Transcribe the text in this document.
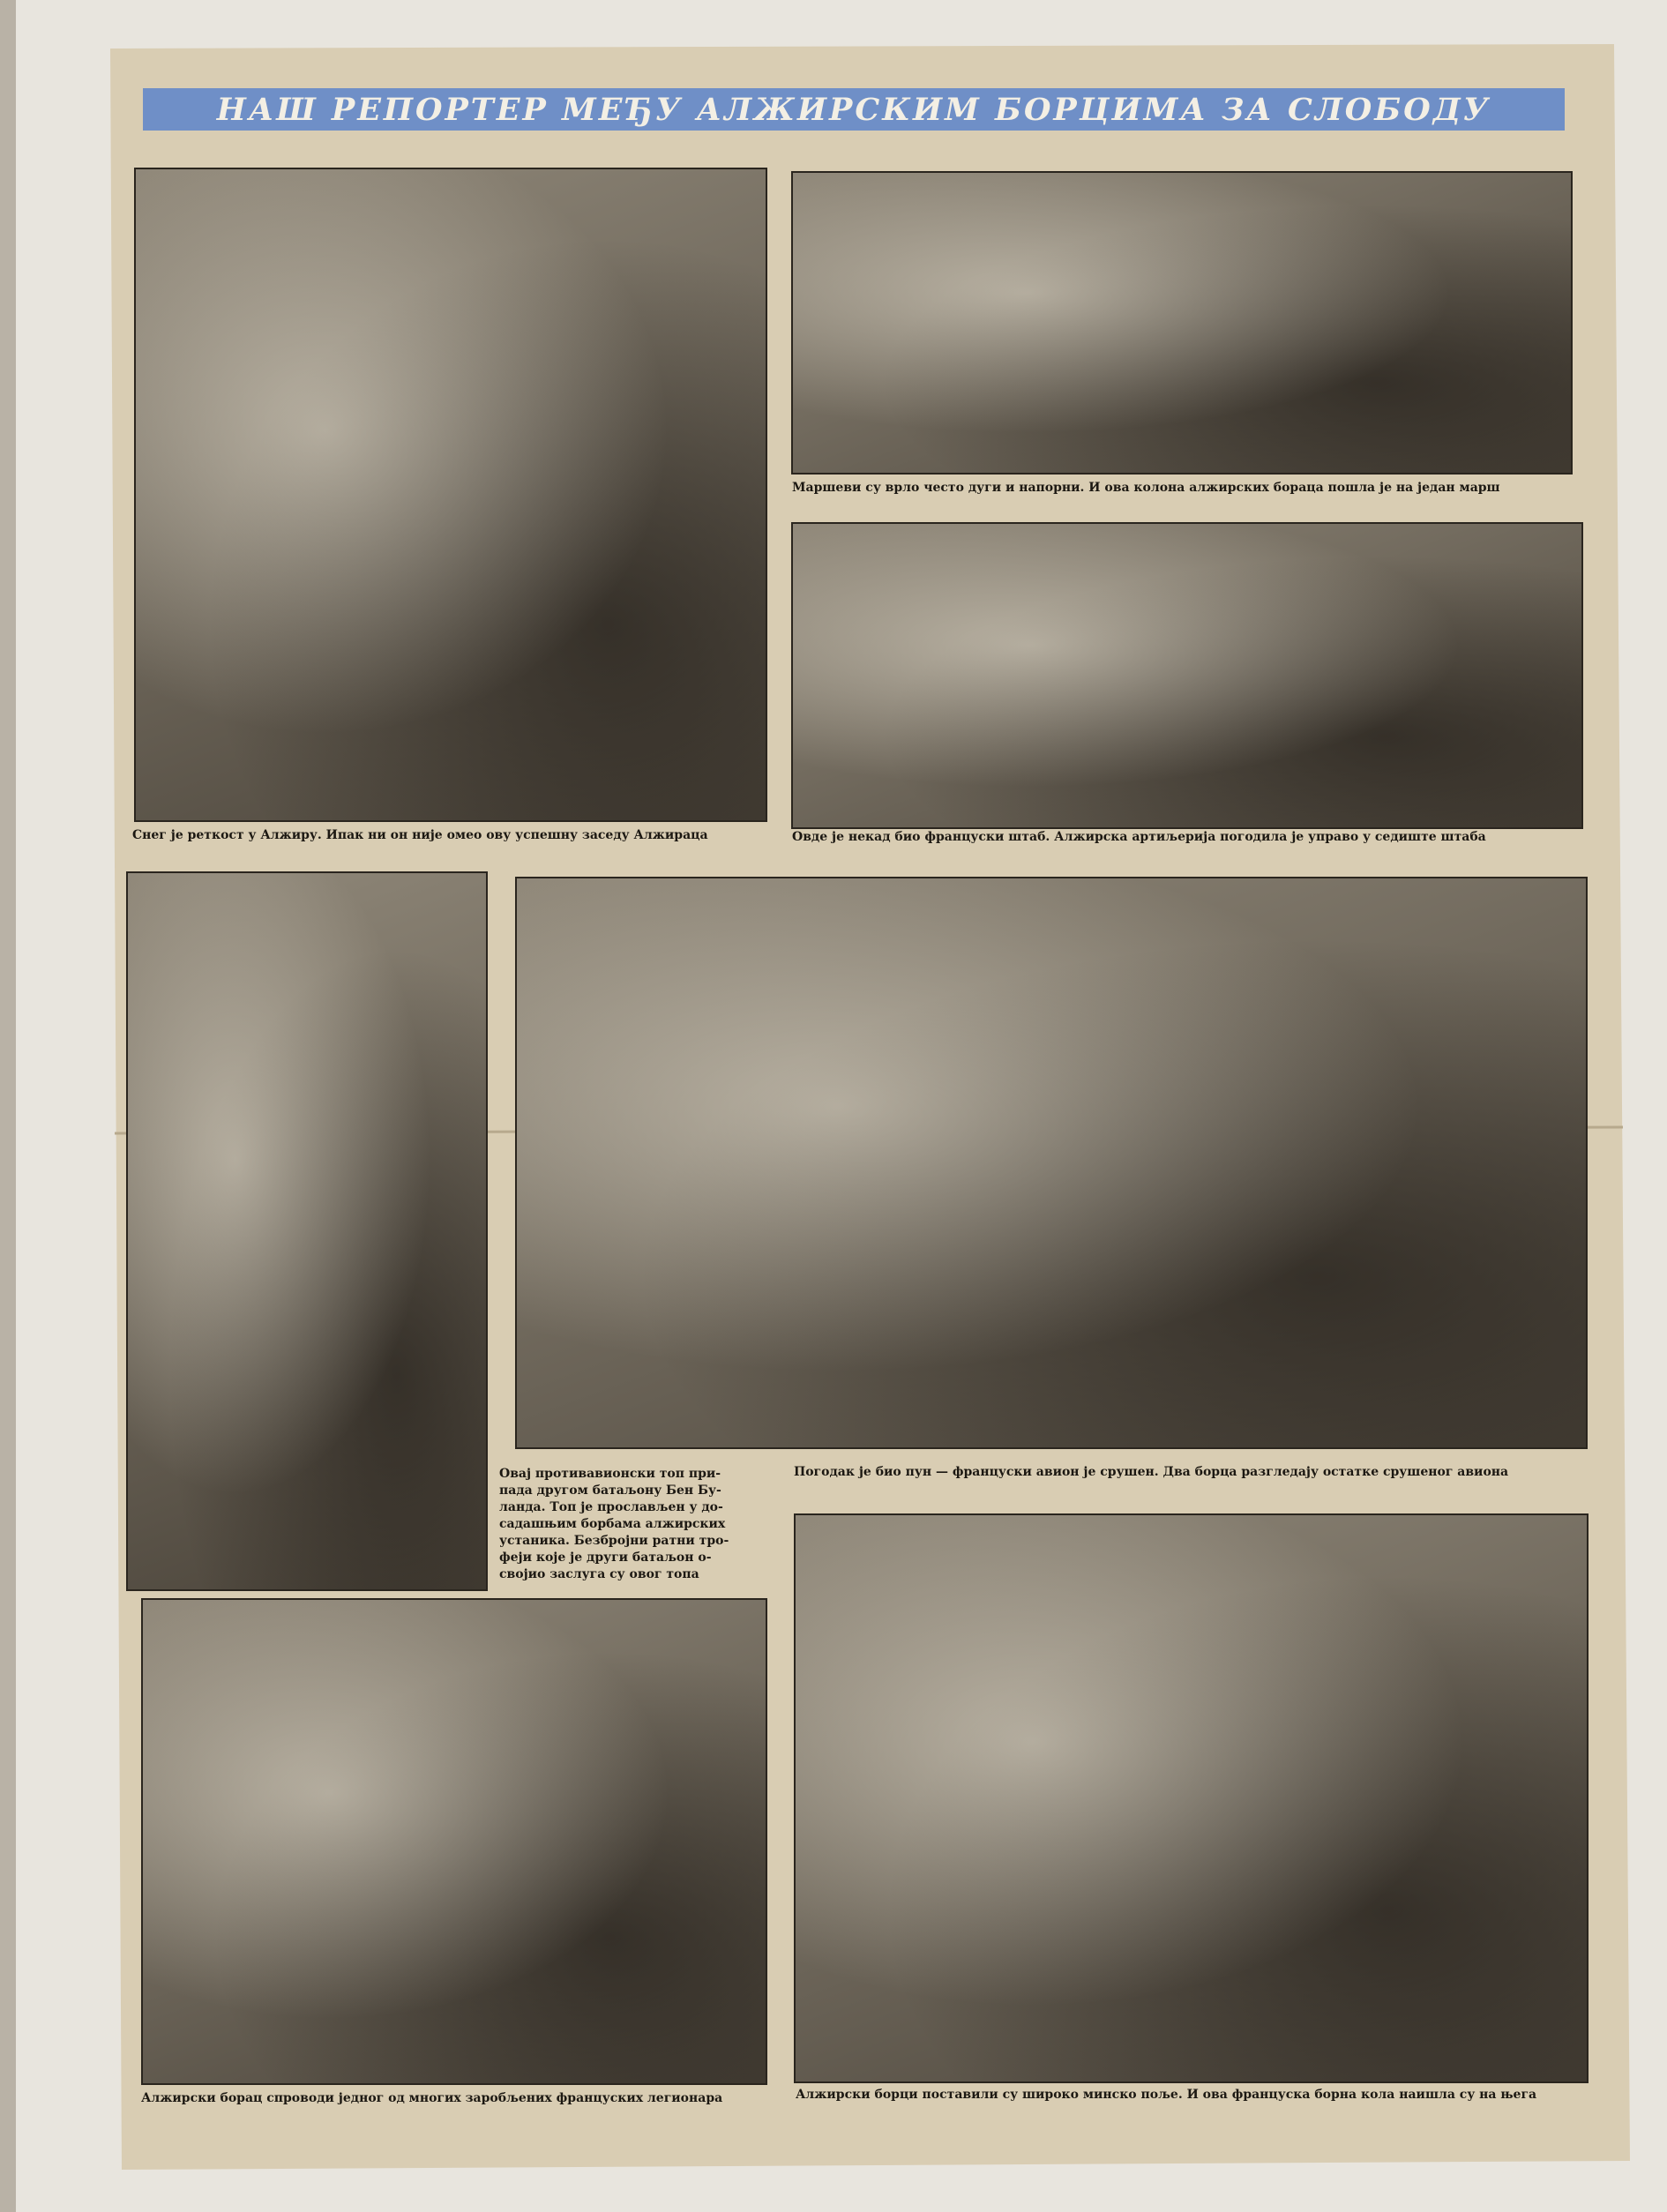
НАШ РЕПОРТЕР МЕЂУ АЛЖИРСКИМ БОРЦИМА ЗА СЛОБОДУ
Снег је реткост у Алжиру. Ипак ни он није омео ову успешну заседу Алжираца
Маршеви су врло често дуги и напорни. И ова колона алжирских бораца пошла је на један марш
Овде је некад био француски штаб. Алжирска артиљерија погодила је управо у седиште штаба
Овај противавионски топ при-
пада другом батаљону Бен Бу-
ланда. Топ је прослављен у до-
садашњим борбама алжирских
устаника. Безбројни ратни тро-
феји које је други батаљон о-
својио заслуга су овог топа
Погодак је био пун — француски авион је срушен. Два борца разгледају остатке срушеног авиона
Алжирски борац спроводи једног од многих заробљених француских легионара	Алжирски борци поставили су широко минско поље. И ова француска борна кола наишла су на њега
